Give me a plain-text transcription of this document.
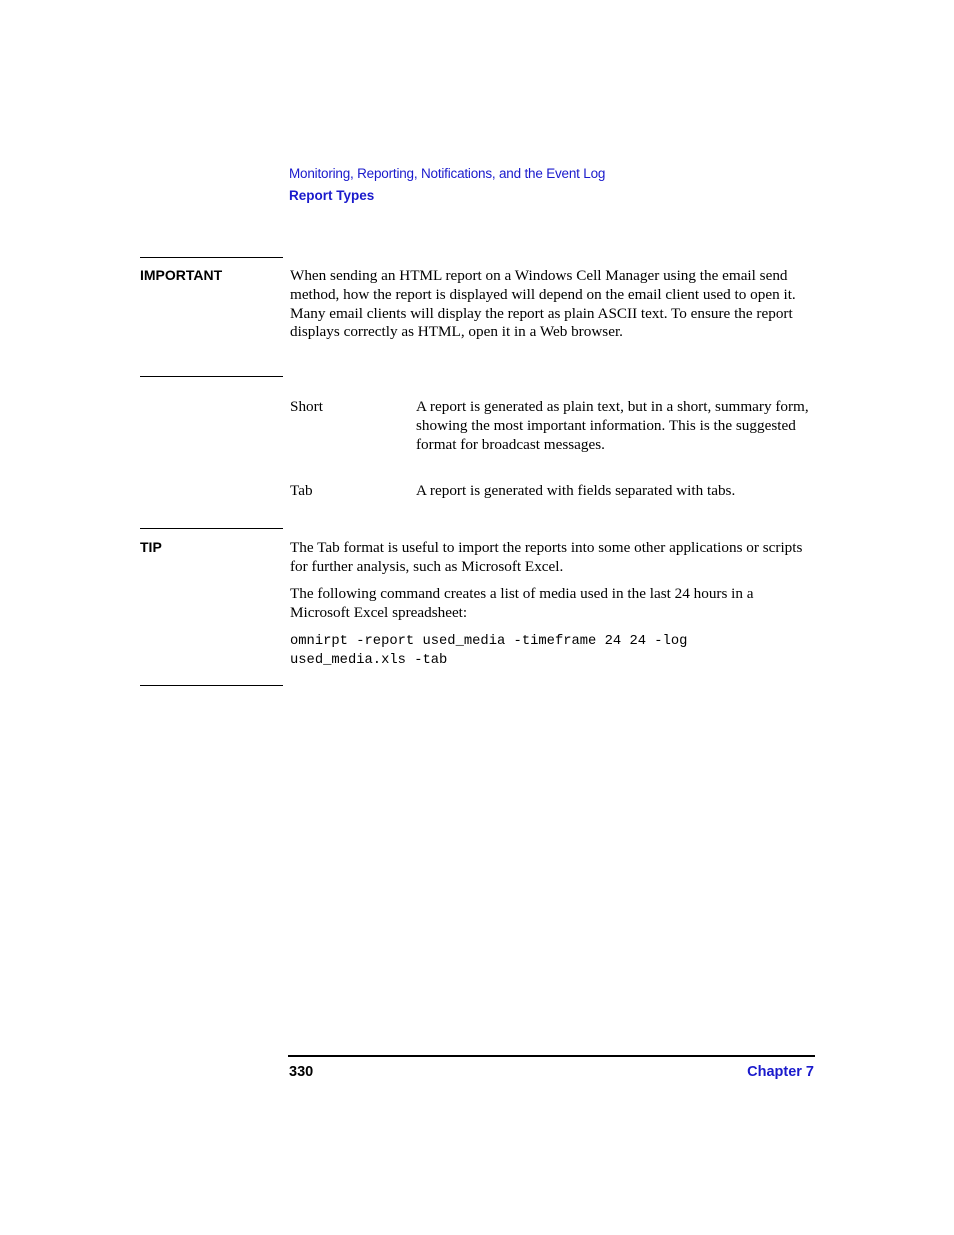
Monitoring, Reporting, Notifications, and the Event Log
Report Types
IMPORTANT	When sending an HTML report on a Windows Cell Manager using the email send method, how the report is displayed will depend on the email client used to open it. Many email clients will display the report as plain ASCII text. To ensure the report displays correctly as HTML, open it in a Web browser.

Short	A report is generated as plain text, but in a short, summary form, showing the most important information. This is the suggested format for broadcast messages.

Tab	A report is generated with fields separated with tabs.

TIP	The Tab format is useful to import the reports into some other applications or scripts for further analysis, such as Microsoft Excel.

The following command creates a list of media used in the last 24 hours in a Microsoft Excel spreadsheet:

omnirpt -report used_media -timeframe 24 24 -log
used_media.xls -tab
330	Chapter 7
